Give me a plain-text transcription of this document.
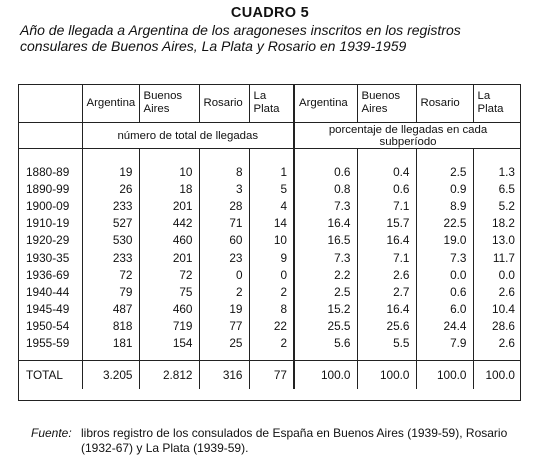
CUADRO 5
Año de llegada a Argentina de los aragoneses inscritos en los registros consulares de Buenos Aires, La Plata y Rosario en 1939-1959
	Argentina	Buenos Aires	Rosario	La Plata	Argentina	Buenos Aires	Rosario	La Plata
	número de total de llegadas				porcentaje de llegadas en cada subperíodo			

1880-89	19	10	8	1	0.6	0.4	2.5	1.3
1890-99	26	18	3	5	0.8	0.6	0.9	6.5
1900-09	233	201	28	4	7.3	7.1	8.9	5.2
1910-19	527	442	71	14	16.4	15.7	22.5	18.2
1920-29	530	460	60	10	16.5	16.4	19.0	13.0
1930-35	233	201	23	9	7.3	7.1	7.3	11.7
1936-69	72	72	0	0	2.2	2.6	0.0	0.0
1940-44	79	75	2	2	2.5	2.7	0.6	2.6
1945-49	487	460	19	8	15.2	16.4	6.0	10.4
1950-54	818	719	77	22	25.5	25.6	24.4	28.6
1955-59	181	154	25	2	5.6	5.5	7.9	2.6

TOTAL	3.205	2.812	316	77	100.0	100.0	100.0	100.0
Fuente: libros registro de los consulados de España en Buenos Aires (1939-59), Rosario (1932-67) y La Plata (1939-59).
